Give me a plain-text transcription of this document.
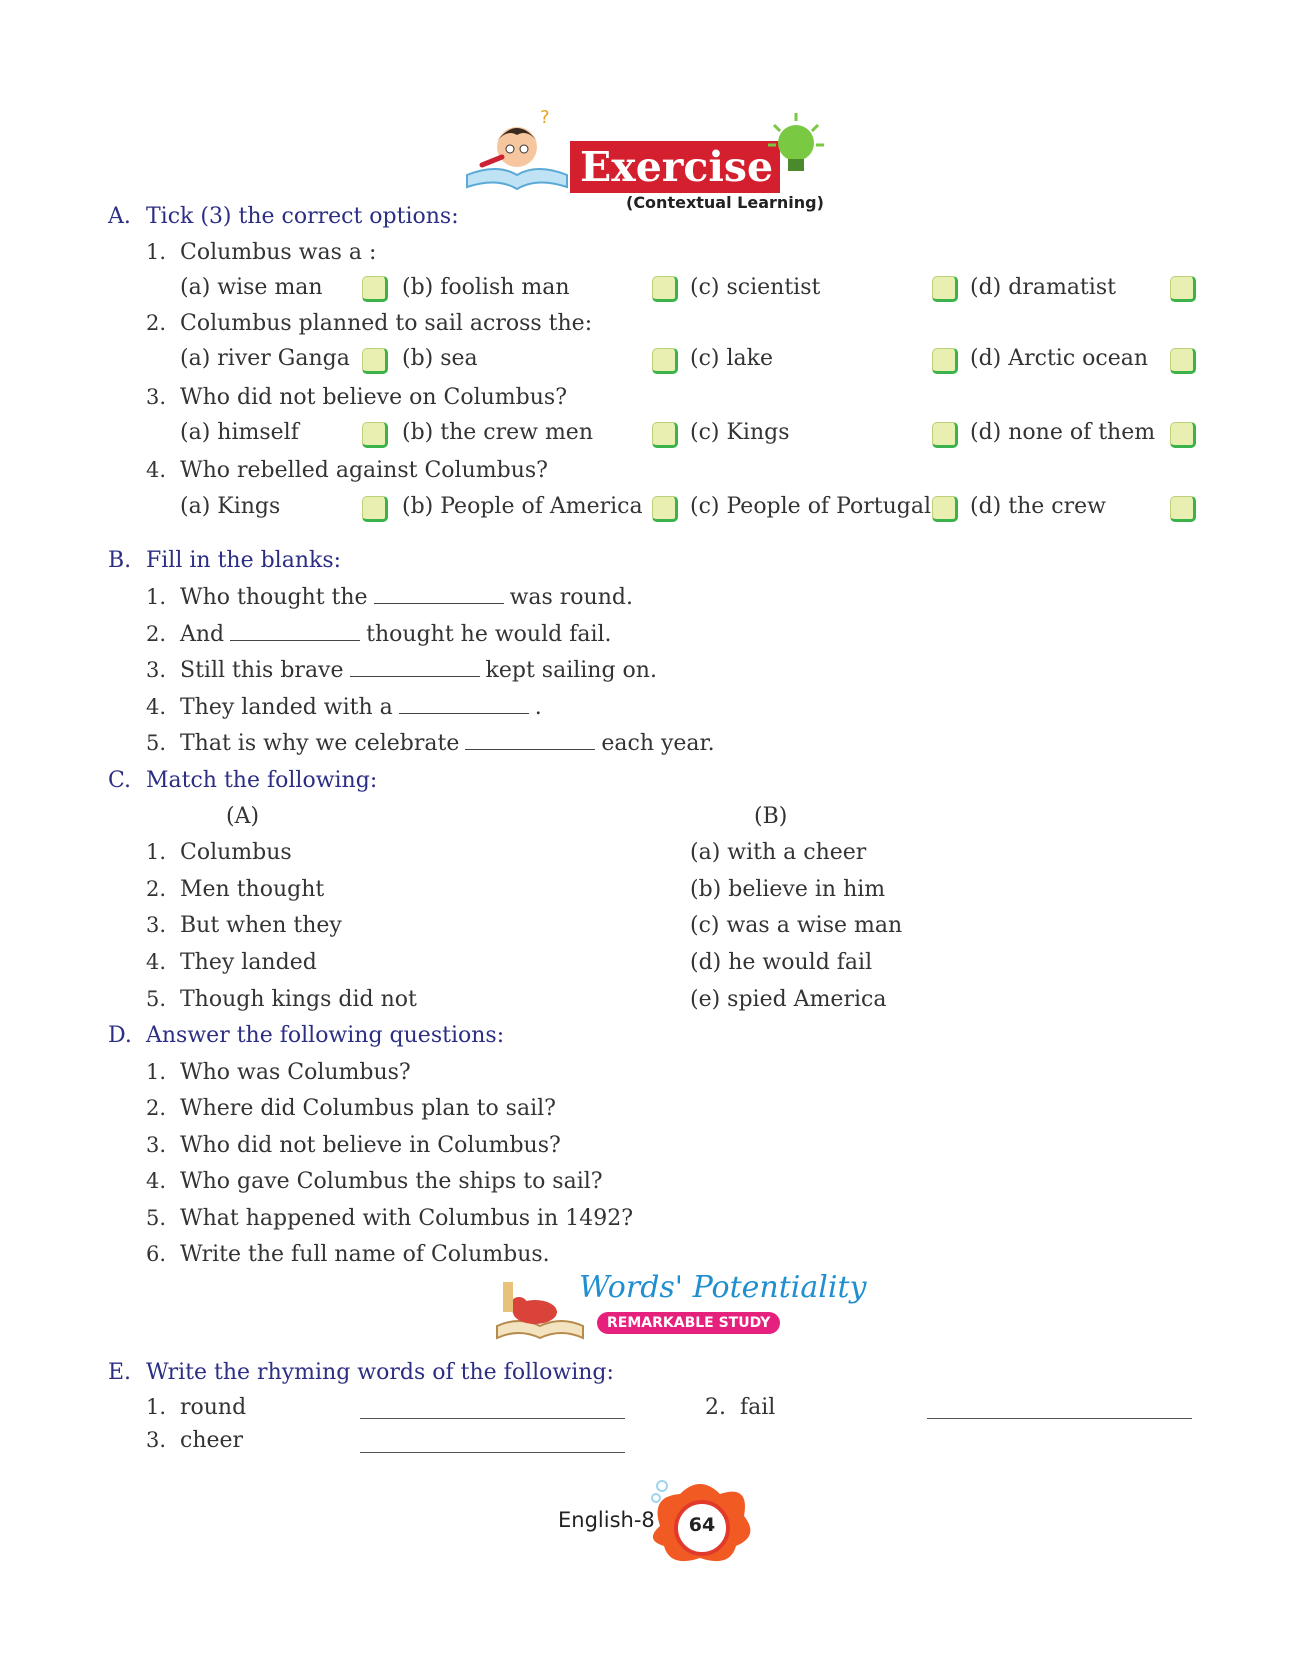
?
Exercise
(Contextual Learning)
A. Tick (3) the correct options:
1. Columbus was a :
(a) wise man	(b) foolish man	(c) scientist	(d) dramatist
2. Columbus planned to sail across the:
(a) river Ganga (b) sea	(c) lake	(d) Arctic ocean
3. Who did not believe on Columbus?
(a) himself	(b) the crew men	(c) Kings	(d) none of them
4. Who rebelled against Columbus?
(a) Kings	(b) People of America (c) People of Portugal (d) the crew
B. Fill in the blanks:
1. Who thought the	was round.
2. And	thought he would fail.
3. Still this brave	kept sailing on.
4. They landed with a	.
5. That is why we celebrate	each year.
C. Match the following:
(A)	(B)
1. Columbus	(a) with a cheer
2. Men thought	(b) believe in him
3. But when they	(c) was a wise man
4. They landed	(d) he would fail
5. Though kings did not	(e) spied America
D. Answer the following questions:
1. Who was Columbus?
2. Where did Columbus plan to sail?
3. Who did not believe in Columbus?
4. Who gave Columbus the ships to sail?
5. What happened with Columbus in 1492?
6. Write the full name of Columbus.
Words' Potentiality
REMARKABLE STUDY
E. Write the rhyming words of the following:
1. round	2. fail
3. cheer
English-8	64
